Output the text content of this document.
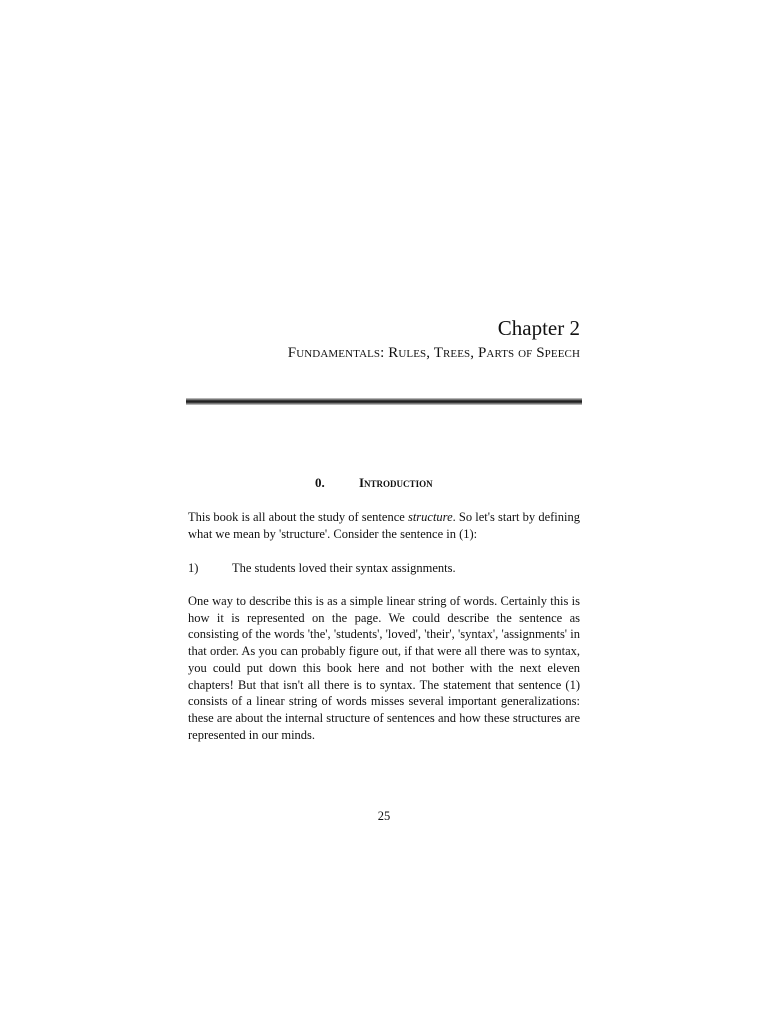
Chapter 2
Fundamentals: Rules, Trees, Parts of Speech
0.	Introduction

This book is all about the study of sentence structure. So let's start by defining what we mean by 'structure'. Consider the sentence in (1):

1)	The students loved their syntax assignments.

One way to describe this is as a simple linear string of words. Certainly this is how it is represented on the page. We could describe the sentence as consisting of the words 'the', 'students', 'loved', 'their', 'syntax', 'assignments' in that order. As you can probably figure out, if that were all there was to syntax, you could put down this book here and not bother with the next eleven chapters! But that isn't all there is to syntax. The statement that sentence (1) consists of a linear string of words misses several important generalizations: these are about the internal structure of sentences and how these structures are represented in our minds.

25
